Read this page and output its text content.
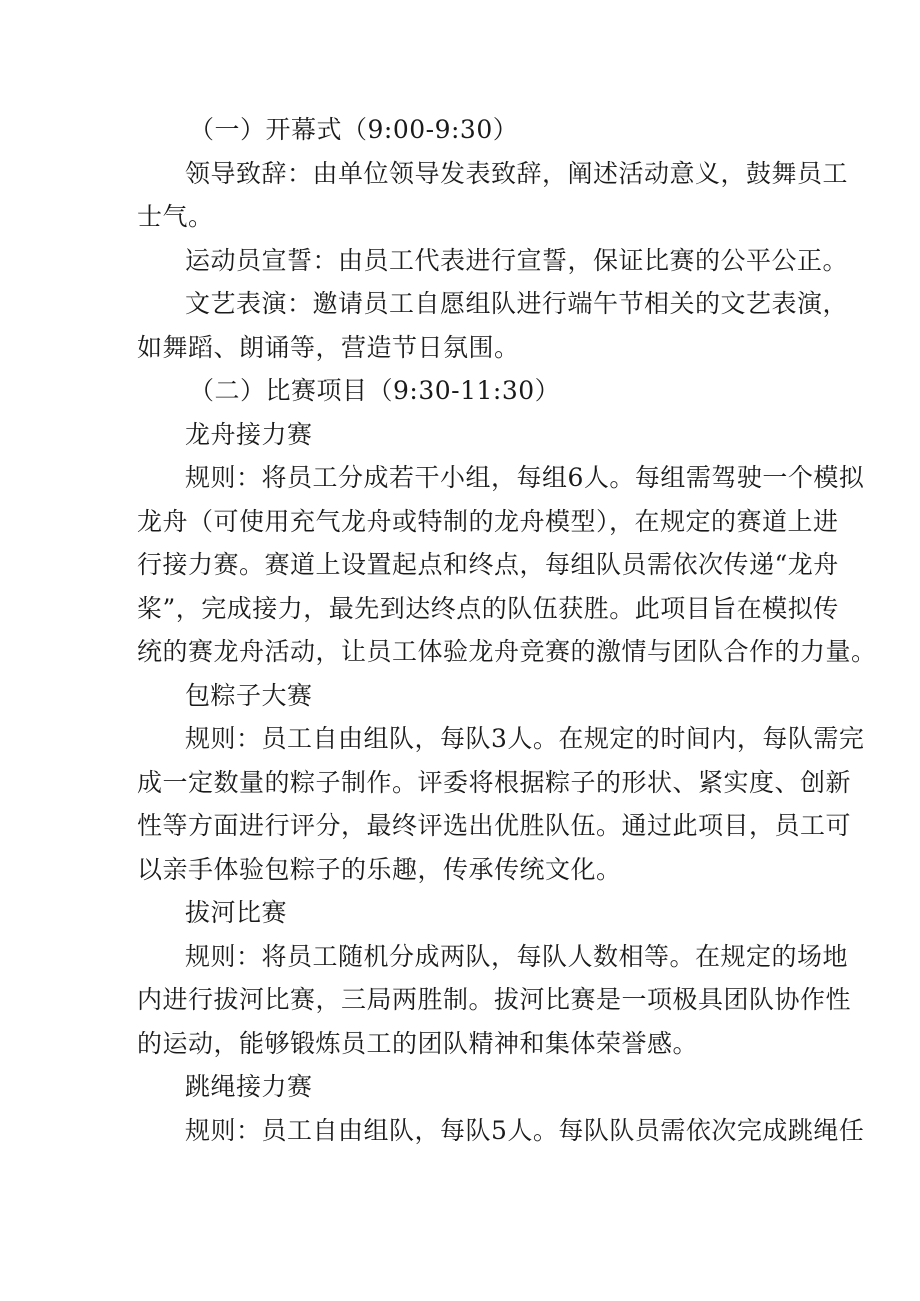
（一）开幕式（9:00-9:30）
领导致辞：由单位领导发表致辞，阐述活动意义，鼓舞员工
士气。
运动员宣誓：由员工代表进行宣誓，保证比赛的公平公正。
文艺表演：邀请员工自愿组队进行端午节相关的文艺表演，
如舞蹈、朗诵等，营造节日氛围。
（二）比赛项目（9:30-11:30）
龙舟接力赛
规则：将员工分成若干小组，每组6人。每组需驾驶一个模拟
龙舟（可使用充气龙舟或特制的龙舟模型），在规定的赛道上进
行接力赛。赛道上设置起点和终点，每组队员需依次传递“龙舟
桨”，完成接力，最先到达终点的队伍获胜。此项目旨在模拟传
统的赛龙舟活动，让员工体验龙舟竞赛的激情与团队合作的力量。
包粽子大赛
规则：员工自由组队，每队3人。在规定的时间内，每队需完
成一定数量的粽子制作。评委将根据粽子的形状、紧实度、创新
性等方面进行评分，最终评选出优胜队伍。通过此项目，员工可
以亲手体验包粽子的乐趣，传承传统文化。
拔河比赛
规则：将员工随机分成两队，每队人数相等。在规定的场地
内进行拔河比赛，三局两胜制。拔河比赛是一项极具团队协作性
的运动，能够锻炼员工的团队精神和集体荣誉感。
跳绳接力赛
规则：员工自由组队，每队5人。每队队员需依次完成跳绳任
